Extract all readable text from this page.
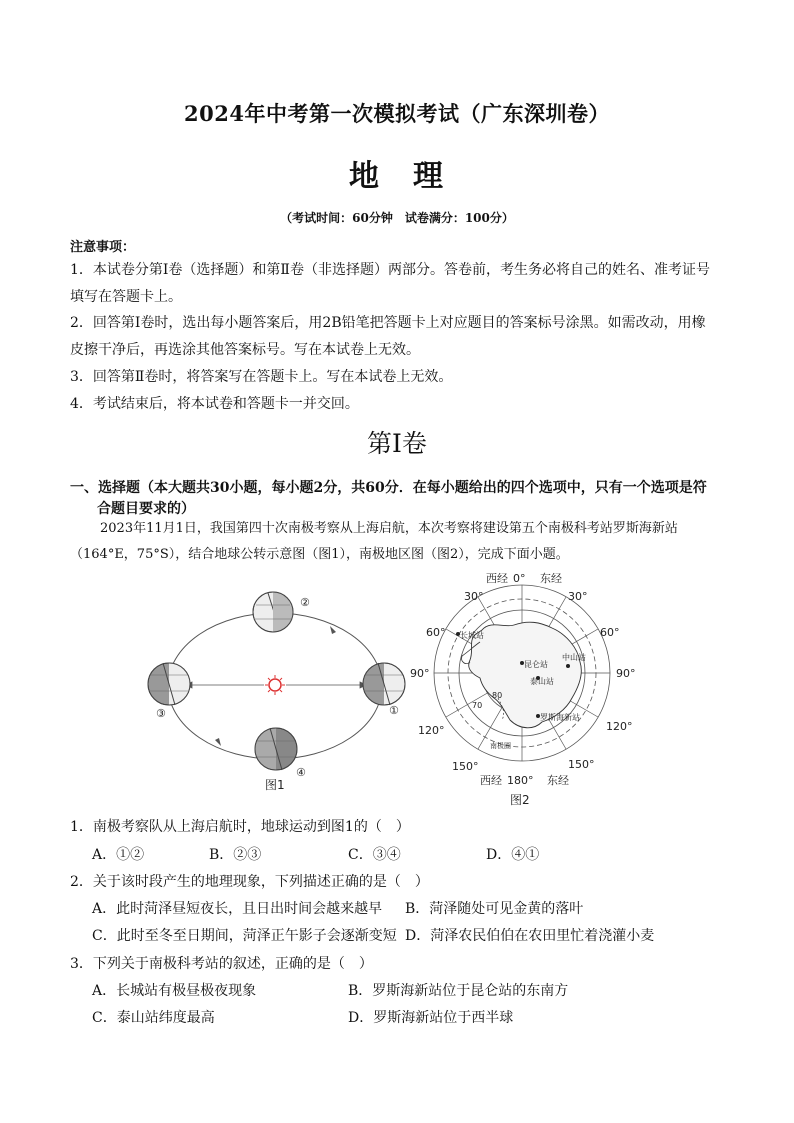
2024年中考第一次模拟考试（广东深圳卷）
地　理
（考试时间：60分钟　试卷满分：100分）
注意事项：
1．本试卷分第Ⅰ卷（选择题）和第Ⅱ卷（非选择题）两部分。答卷前，考生务必将自己的姓名、准考证号
填写在答题卡上。
2．回答第Ⅰ卷时，选出每小题答案后，用2B铅笔把答题卡上对应题目的答案标号涂黑。如需改动，用橡
皮擦干净后，再选涂其他答案标号。写在本试卷上无效。
3．回答第Ⅱ卷时，将答案写在答题卡上。写在本试卷上无效。
4．考试结束后，将本试卷和答题卡一并交回。
第Ⅰ卷
一、选择题（本大题共30小题，每小题2分，共60分．在每小题给出的四个选项中，只有一个选项是符
合题目要求的）
2023年11月1日，我国第四十次南极考察从上海启航，本次考察将建设第五个南极科考站罗斯海新站
（164°E，75°S），结合地球公转示意图（图1），南极地区图（图2），完成下面小题。
②
①
③
④
图1
长城站
昆仑站
中山站
泰山站
罗斯海新站
南极圈
80
70
西经 0° 东经
30°	30°
60°	60°
90°	90°
120°	120°
150°	150°
西经 180° 东经
图2
1．南极考察队从上海启航时，地球运动到图1的（　）
A．①②	B．②③	C．③④	D．④①
2．关于该时段产生的地理现象，下列描述正确的是（　）
A．此时菏泽昼短夜长，且日出时间会越来越早 B．菏泽随处可见金黄的落叶
C．此时至冬至日期间，菏泽正午影子会逐渐变短 D．菏泽农民伯伯在农田里忙着浇灌小麦
3．下列关于南极科考站的叙述，正确的是（　）
A．长城站有极昼极夜现象	B．罗斯海新站位于昆仑站的东南方
C．泰山站纬度最高	D．罗斯海新站位于西半球
